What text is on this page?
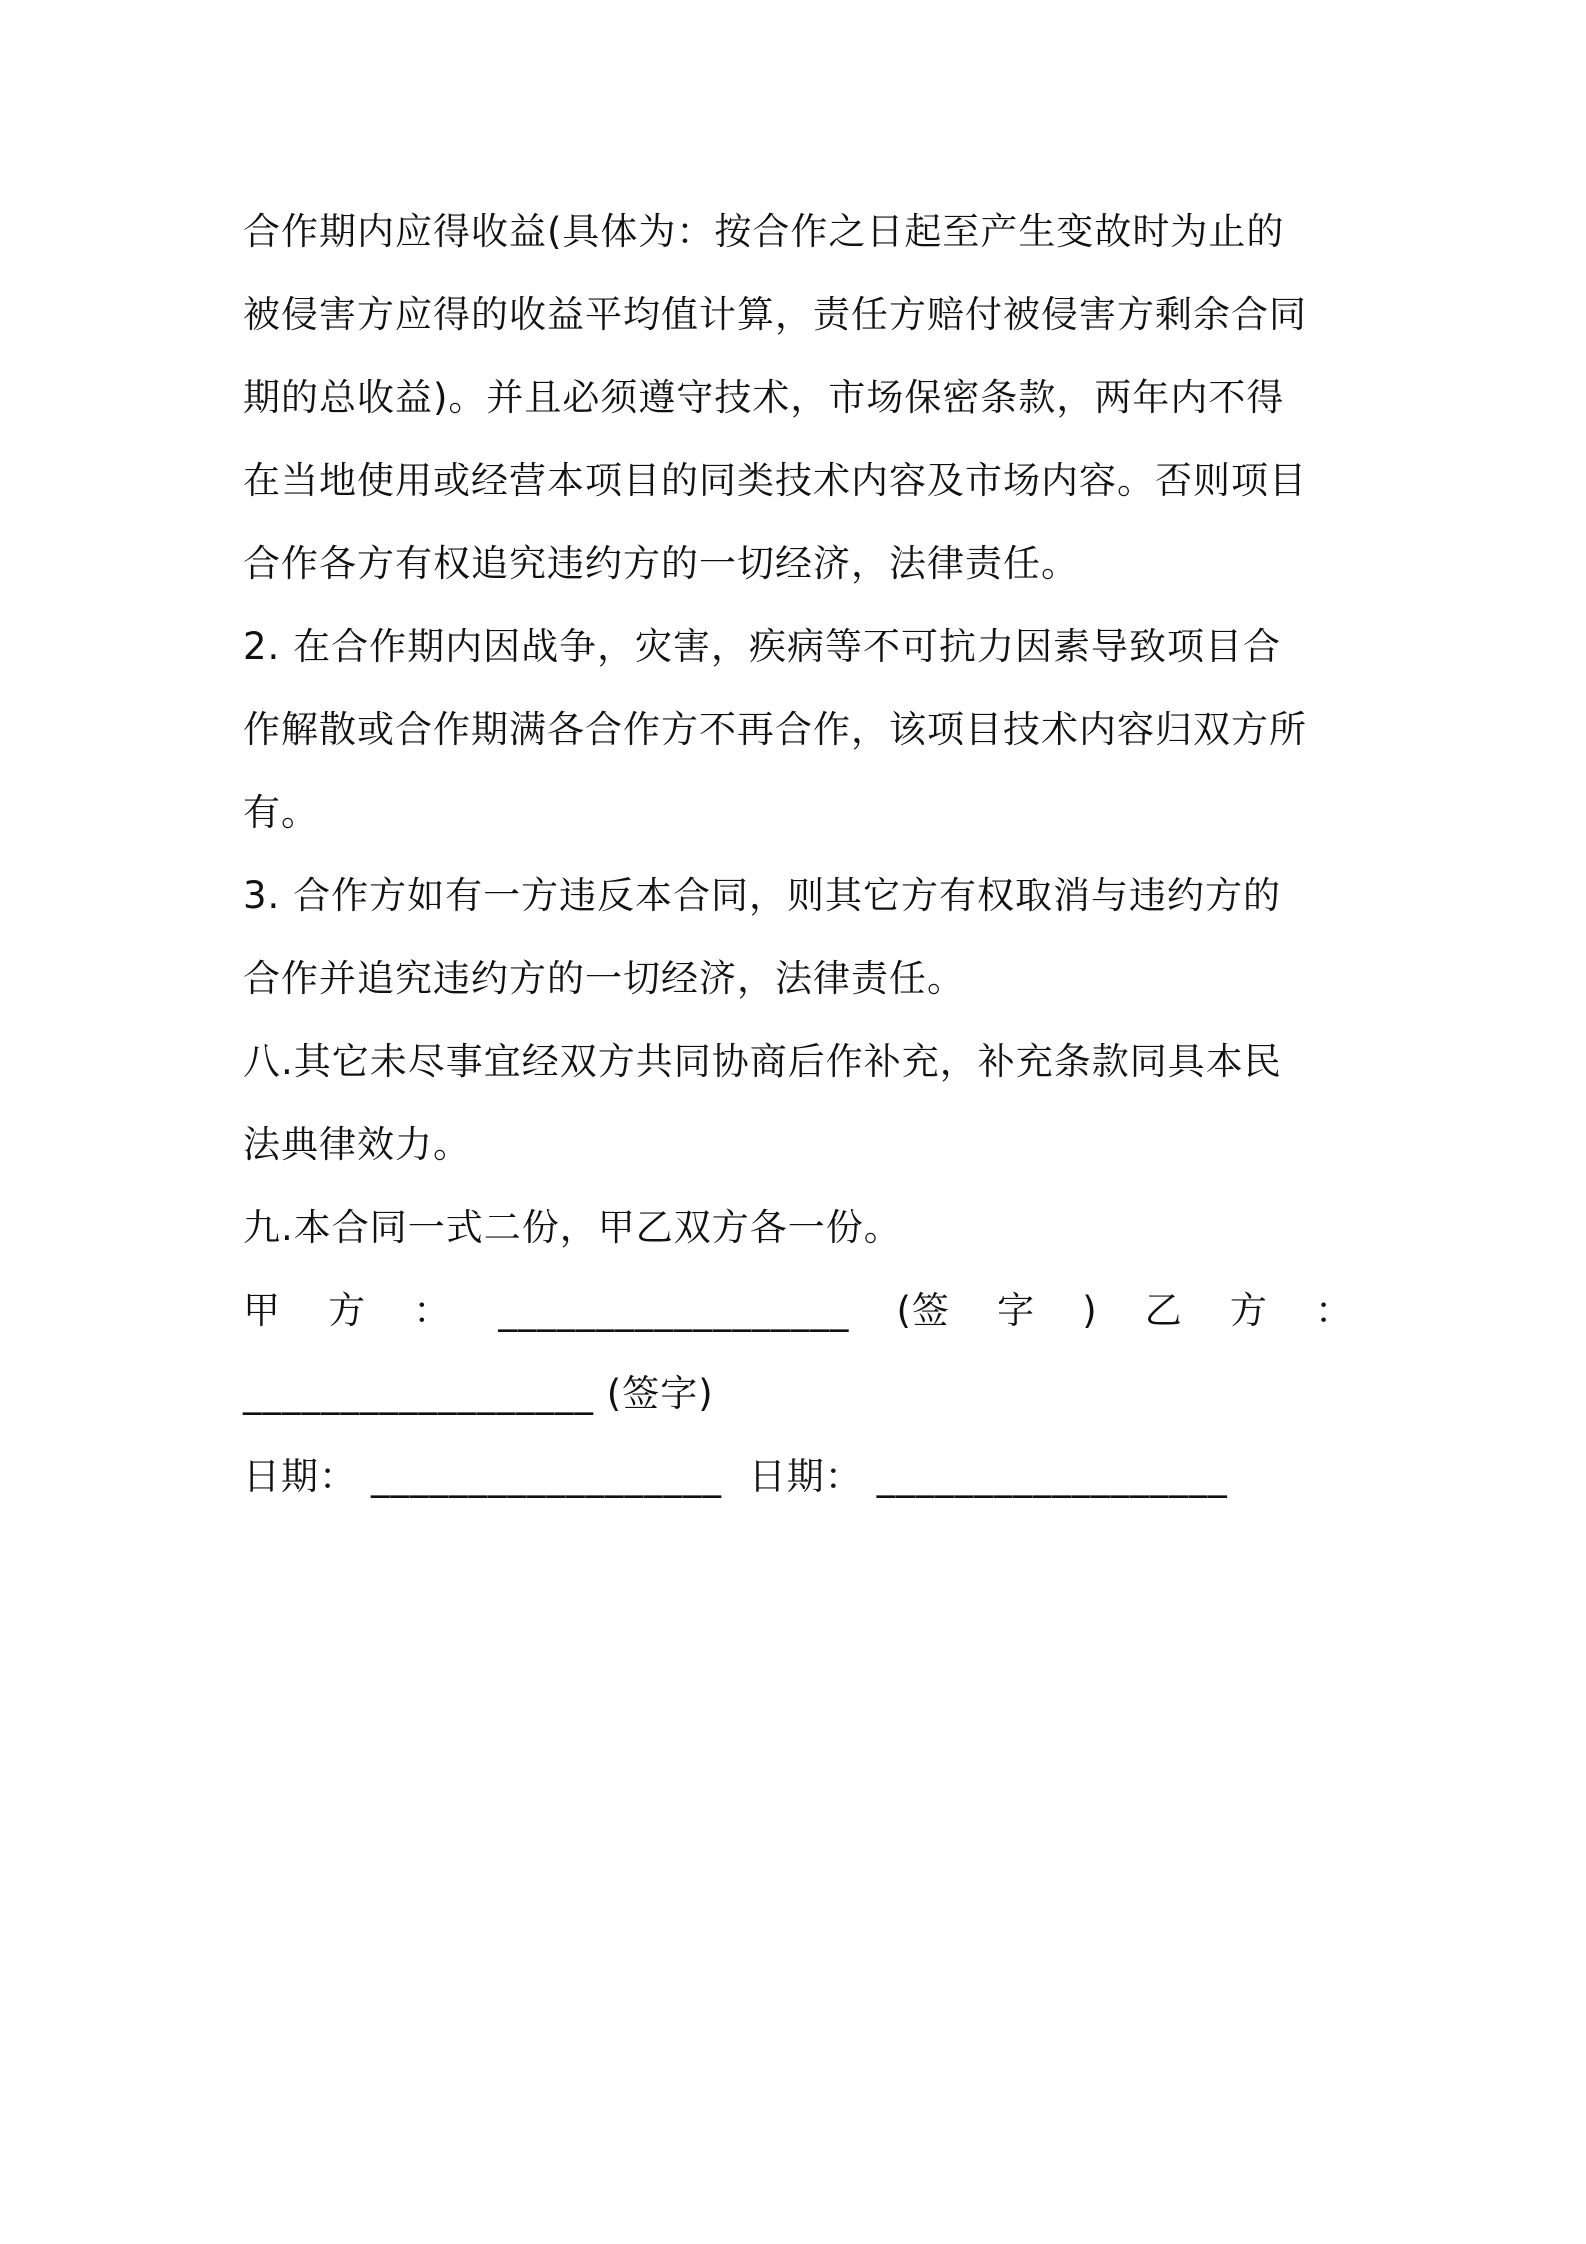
合作期内应得收益(具体为：按合作之日起至产生变故时为止的
被侵害方应得的收益平均值计算，责任方赔付被侵害方剩余合同
期的总收益)。并且必须遵守技术，市场保密条款，两年内不得
在当地使用或经营本项目的同类技术内容及市场内容。否则项目
合作各方有权追究违约方的一切经济，法律责任。
2. 在合作期内因战争，灾害，疾病等不可抗力因素导致项目合
作解散或合作期满各合作方不再合作，该项目技术内容归双方所
有。
3. 合作方如有一方违反本合同，则其它方有权取消与违约方的
合作并追究违约方的一切经济，法律责任。
八.其它未尽事宜经双方共同协商后作补充，补充条款同具本民
法典律效力。
九.本合同一式二份，甲乙双方各一份。
甲 方 ： __________________ (签 字 ) 乙 方 ：
__________________ (签字)
日期： __________________ 日期： __________________
